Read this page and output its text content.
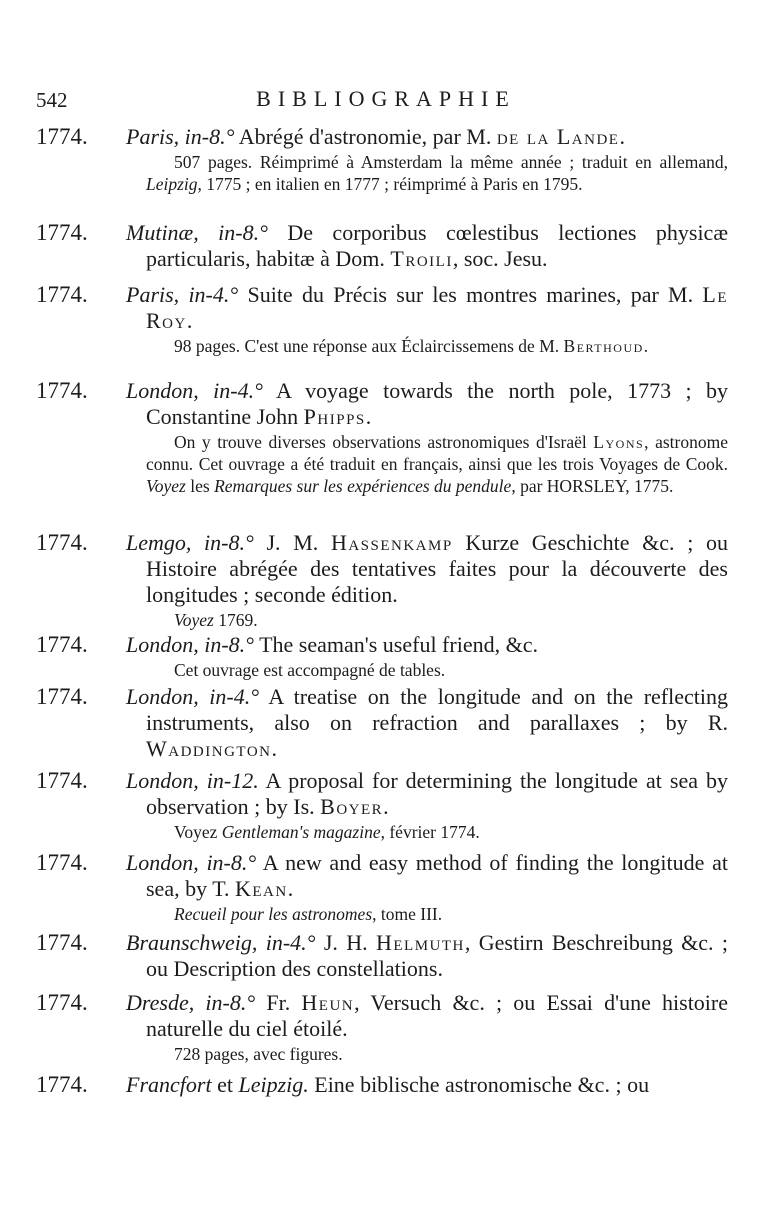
542	BIBLIOGRAPHIE
1774. Paris, in-8.° Abrégé d'astronomie, par M. de la Lande.
507 pages. Réimprimé à Amsterdam la même année ; traduit en allemand, Leipzig, 1775 ; en italien en 1777 ; réimprimé à Paris en 1795.
1774. Mutinæ, in-8.° De corporibus cœlestibus lectiones physicæ particularis, habitæ à Dom. Troili, soc. Jesu.
1774. Paris, in-4.° Suite du Précis sur les montres marines, par M. Le Roy.
98 pages. C'est une réponse aux Éclaircissemens de M. Berthoud.
1774. London, in-4.° A voyage towards the north pole, 1773 ; by Constantine John Phipps.
On y trouve diverses observations astronomiques d'Israël Lyons, astronome connu. Cet ouvrage a été traduit en français, ainsi que les trois Voyages de Cook. Voyez les Remarques sur les expériences du pendule, par HORSLEY, 1775.
1774. Lemgo, in-8.° J. M. Hassenkamp Kurze Geschichte &c. ; ou Histoire abrégée des tentatives faites pour la découverte des longitudes ; seconde édition.
Voyez 1769.
1774. London, in-8.° The seaman's useful friend, &c.
Cet ouvrage est accompagné de tables.
1774. London, in-4.° A treatise on the longitude and on the reflecting instruments, also on refraction and parallaxes ; by R. Waddington.
1774. London, in-12. A proposal for determining the longitude at sea by observation ; by Is. Boyer.
Voyez Gentleman's magazine, février 1774.
1774. London, in-8.° A new and easy method of finding the longitude at sea, by T. Kean.
Recueil pour les astronomes, tome III.
1774. Braunschweig, in-4.° J. H. Helmuth, Gestirn Beschreibung &c. ; ou Description des constellations.
1774. Dresde, in-8.° Fr. Heun, Versuch &c. ; ou Essai d'une histoire naturelle du ciel étoilé.
728 pages, avec figures.
1774. Francfort et Leipzig. Eine biblische astronomische &c. ; ou
